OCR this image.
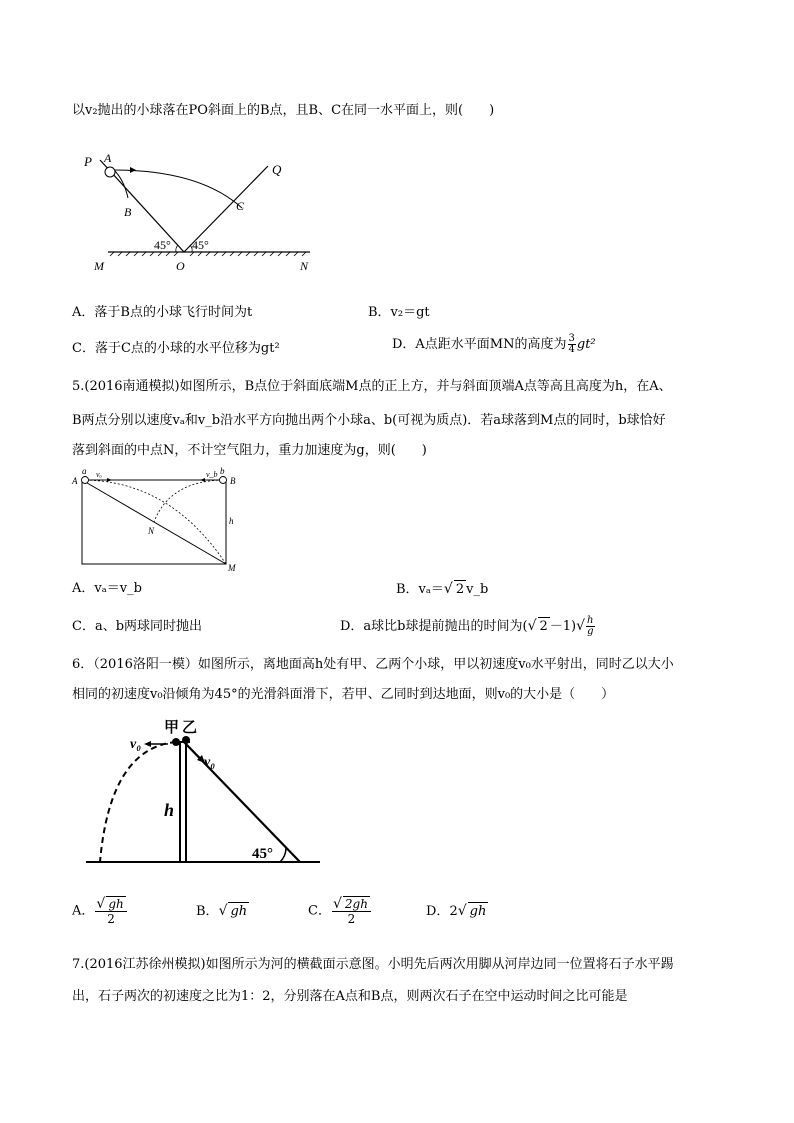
以v₂抛出的小球落在PO斜面上的B点，且B、C在同一水平面上，则(　　)
P A
B	C
Q
45° 45°
M	O	N
A．落于B点的小球飞行时间为t	B．v₂＝gt
C．落于C点的小球的水平位移为gt²	D．A点距水平面MN的高度为 $\frac{3}{4} gt^2$
5.(2016南通模拟)如图所示，B点位于斜面底端M点的正上方，并与斜面顶端A点等高且高度为h，在A、
B两点分别以速度vₐ和v_b沿水平方向抛出两个小球a、b(可视为质点)．若a球落到M点的同时，b球恰好
落到斜面的中点N，不计空气阻力，重力加速度为g，则(　　)
a	b
A	B
vₐ	v_b
h
N
M
A．vₐ＝v_b	B．vₐ＝√ 2 v_b
C．a、b两球同时抛出	D．a球比b球提前抛出的时间为(√ $2 -1)√ \frac{h}{g}$
6．（2016洛阳一模）如图所示，离地面高h处有甲、乙两个小球，甲以初速度v₀水平射出，同时乙以大小
相同的初速度v₀沿倾角为45°的光滑斜面滑下，若甲、乙同时到达地面，则v₀的大小是（　　）
甲 乙
v₀
v₀
h
45°
A． $\frac{√ gh}{2}$	B．√ gh	C． $\frac{√ 2gh}{2}$	D．2√ gh
7.(2016江苏徐州模拟)如图所示为河的横截面示意图。小明先后两次用脚从河岸边同一位置将石子水平踢
出，石子两次的初速度之比为1：2，分别落在A点和B点，则两次石子在空中运动时间之比可能是
